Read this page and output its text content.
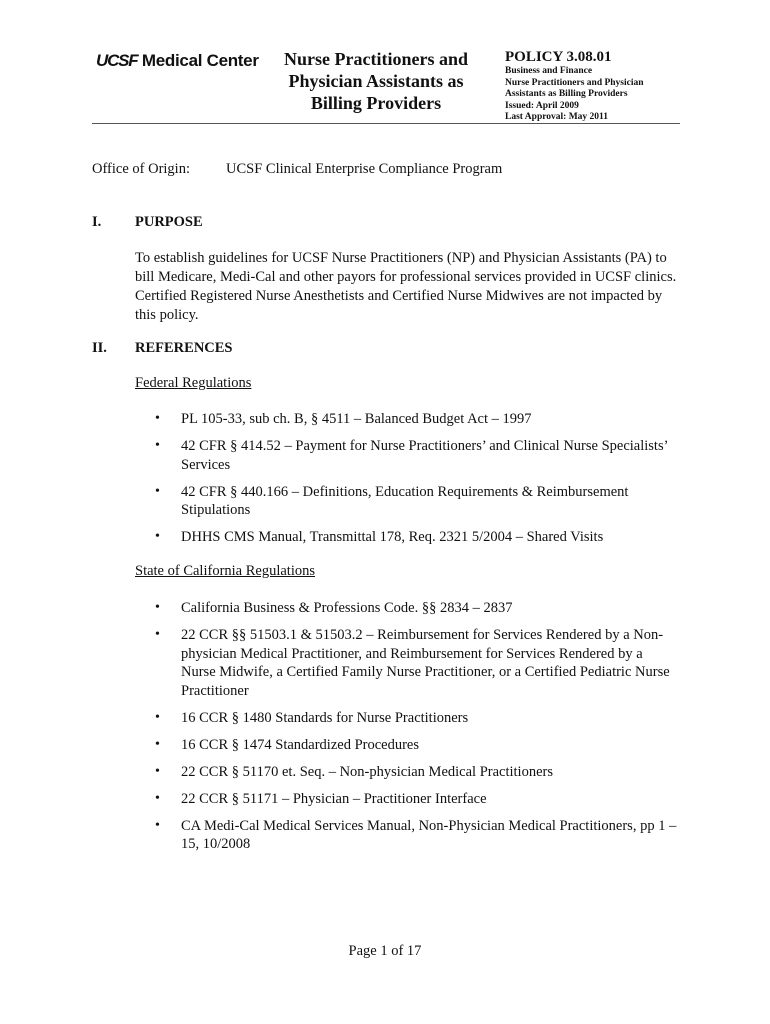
UCSF Medical Center	Nurse Practitioners and
Physician Assistants as
Billing Providers
POLICY 3.08.01
Business and Finance
Nurse Practitioners and Physician
Assistants as Billing Providers
Issued: April 2009
Last Approval: May 2011
Office of Origin: UCSF Clinical Enterprise Compliance Program
I. PURPOSE
To establish guidelines for UCSF Nurse Practitioners (NP) and Physician Assistants (PA) to bill Medicare, Medi-Cal and other payors for professional services provided in UCSF clinics. Certified Registered Nurse Anesthetists and Certified Nurse Midwives are not impacted by this policy.
II. REFERENCES
Federal Regulations
• PL 105-33, sub ch. B, § 4511 – Balanced Budget Act – 1997
• 42 CFR § 414.52 – Payment for Nurse Practitioners’ and Clinical Nurse Specialists’ Services
• 42 CFR § 440.166 – Definitions, Education Requirements & Reimbursement Stipulations
• DHHS CMS Manual, Transmittal 178, Req. 2321 5/2004 – Shared Visits
State of California Regulations
• California Business & Professions Code. §§ 2834 – 2837
• 22 CCR §§ 51503.1 & 51503.2 – Reimbursement for Services Rendered by a Non-physician Medical Practitioner, and Reimbursement for Services Rendered by a Nurse Midwife, a Certified Family Nurse Practitioner, or a Certified Pediatric Nurse Practitioner
• 16 CCR § 1480 Standards for Nurse Practitioners
• 16 CCR § 1474 Standardized Procedures
• 22 CCR § 51170 et. Seq. – Non-physician Medical Practitioners
• 22 CCR § 51171 – Physician – Practitioner Interface
• CA Medi-Cal Medical Services Manual, Non-Physician Medical Practitioners, pp 1 – 15, 10/2008
Page 1 of 17
